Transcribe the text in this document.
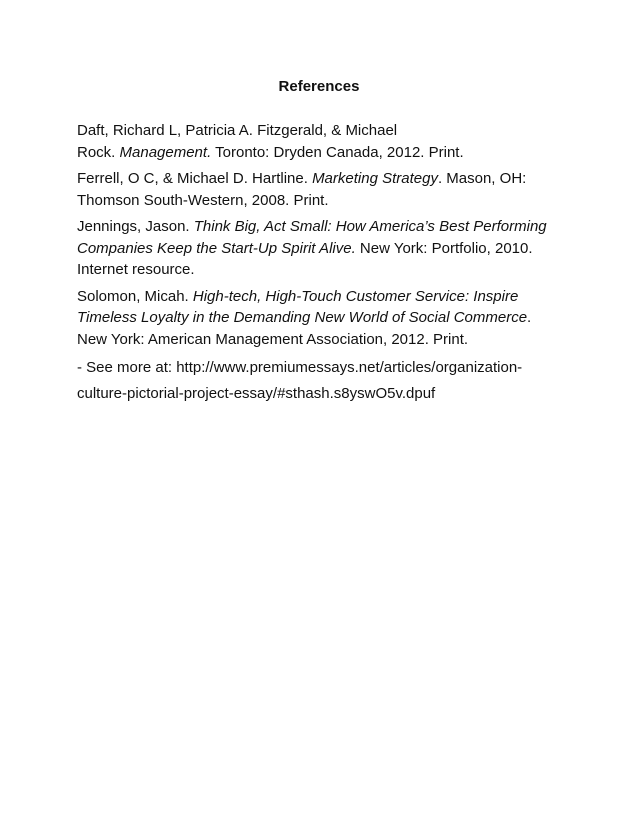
References
Daft, Richard L, Patricia A. Fitzgerald, & Michael
Rock. Management. Toronto: Dryden Canada, 2012. Print.
Ferrell, O C, & Michael D. Hartline. Marketing Strategy. Mason, OH:
Thomson South-Western, 2008. Print.
Jennings, Jason. Think Big, Act Small: How America’s Best Performing
Companies Keep the Start-Up Spirit Alive. New York: Portfolio, 2010.
Internet resource.
Solomon, Micah. High-tech, High-Touch Customer Service: Inspire
Timeless Loyalty in the Demanding New World of Social Commerce.
New York: American Management Association, 2012. Print.
- See more at: http://www.premiumessays.net/articles/organization-
culture-pictorial-project-essay/#sthash.s8yswO5v.dpuf
